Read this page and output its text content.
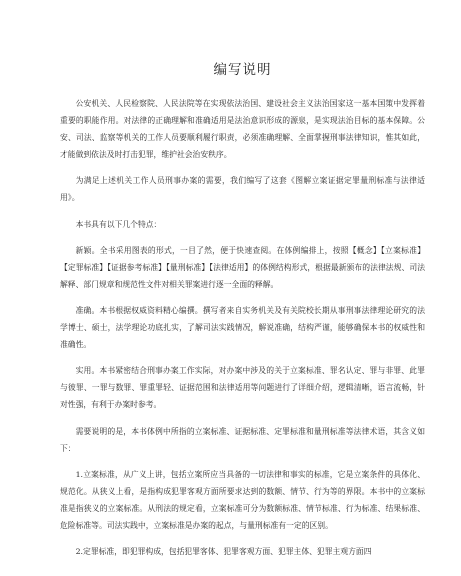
编写说明

公安机关、人民检察院、人民法院等在实现依法治国、建设社会主义法治国家这一基本国策中发挥着重要的职能作用。对法律的正确理解和准确适用是法治意识形成的源泉，是实现法治目标的基本保障。公安、司法、监察等机关的工作人员要顺利履行职责，必须准确理解、全面掌握刑事法律知识，惟其如此，才能做到依法及时打击犯罪，维护社会治安秩序。

为满足上述机关工作人员刑事办案的需要，我们编写了这套《图解立案证据定罪量刑标准与法律适用》。

本书具有以下几个特点：

新颖。全书采用图表的形式，一目了然，便于快速查阅。在体例编排上，按照【概念】【立案标准】【定罪标准】【证据参考标准】【量刑标准】【法律适用】的体例结构形式，根据最新颁布的法律法规、司法解释、部门规章和规范性文件对相关罪案进行逐一全面的释解。

准确。本书根据权威资料精心编撰。撰写者来自实务机关及有关院校长期从事刑事法律理论研究的法学博士、硕士，法学理论功底扎实，了解司法实践情况，解说准确，结构严谨，能够确保本书的权威性和准确性。

实用。本书紧密结合刑事办案工作实际，对办案中涉及的关于立案标准、罪名认定、罪与非罪、此罪与彼罪、一罪与数罪、罪重罪轻、证据范围和法律适用等问题进行了详细介绍，逻辑清晰，语言流畅，针对性强，有利于办案时参考。

需要说明的是，本书体例中所指的立案标准、证据标准、定罪标准和量刑标准等法律术语，其含义如下：

1.立案标准，从广义上讲，包括立案所应当具备的一切法律和事实的标准，它是立案条件的具体化、规范化。从狭义上看，是指构成犯罪客观方面所要求达到的数额、情节、行为等的界限。本书中的立案标准是指狭义的立案标准。从刑法的规定看，立案标准可分为数额标准、情节标准、行为标准、结果标准、危险标准等。司法实践中，立案标准是办案的起点，与量刑标准有一定的区别。

2.定罪标准，即犯罪构成，包括犯罪客体、犯罪客观方面、犯罪主体、犯罪主观方面四
